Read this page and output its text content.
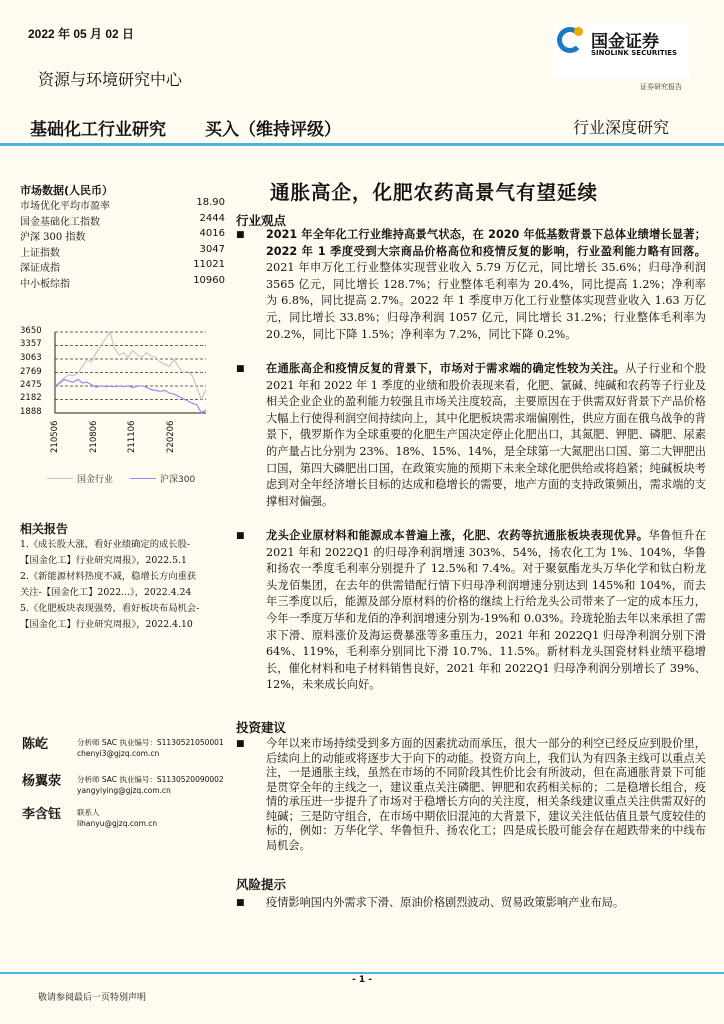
2022 年 05 月 02 日	国金证券
SINOLINK SECURITIES
证券研究报告
资源与环境研究中心
基础化工行业研究 买入（维持评级）	行业深度研究
市场数据(人民币）
市场优化平均市盈率	18.90
国金基础化工指数	2444
沪深 300 指数	4016
上证指数	3047
深证成指	11021
中小板综指	10960
3650
3357
3063
2769
2475
2182
1888
210506	210806	211106	220206
国金行业	沪深300
相关报告
1.《成长股大涨，看好业绩确定的成长股-
【国金化工】行业研究周报》，2022.5.1
2.《新能源材料热度不减，稳增长方向重获
关注-【国金化工】2022...》，2022.4.24
5.《化肥板块表现强势，看好板块布局机会-
【国金化工】行业研究周报》，2022.4.10
陈屹	分析师 SAC 执业编号：S1130521050001
chenyi3@gjzq.com.cn
杨翼荥 分析师 SAC 执业编号：S1130520090002
yangyiying@gjzq.com.cn
李含钰 联系人
lihanyu@gjzq.com.cn
通胀高企，化肥农药高景气有望延续
行业观点
■	2021 年全年化工行业维持高景气状态，在 2020 年低基数背景下总体业绩增长显著；2022 年 1 季度受到大宗商品价格高位和疫情反复的影响，行业盈利能力略有回落。2021 年申万化工行业整体实现营业收入 5.79 万亿元，同比增长 35.6%；归母净利润 3565 亿元，同比增长 128.7%；行业整体毛利率为 20.4%，同比提高 1.2%；净利率为 6.8%，同比提高 2.7%。2022 年 1 季度申万化工行业整体实现营业收入 1.63 万亿元，同比增长 33.8%；归母净利润 1057 亿元，同比增长 31.2%；行业整体毛利率为 20.2%，同比下降 1.5%；净利率为 7.2%，同比下降 0.2%。
■	在通胀高企和疫情反复的背景下，市场对于需求端的确定性较为关注。从子行业和个股 2021 年和 2022 年 1 季度的业绩和股价表现来看，化肥、氯碱、纯碱和农药等子行业及相关企业企业的盈利能力较强且市场关注度较高，主要原因在于供需双好背景下产品价格大幅上行使得利润空间持续向上，其中化肥板块需求端偏刚性，供应方面在俄乌战争的背景下，俄罗斯作为全球重要的化肥生产国决定停止化肥出口，其氮肥、钾肥、磷肥、尿素的产量占比分别为 23%、18%、15%、14%，是全球第一大氮肥出口国、第二大钾肥出口国，第四大磷肥出口国，在政策实施的预期下未来全球化肥供给或将趋紧；纯碱板块考虑到对全年经济增长目标的达成和稳增长的需要，地产方面的支持政策频出，需求端的支撑相对偏强。
■	龙头企业原材料和能源成本普遍上涨，化肥、农药等抗通胀板块表现优异。华鲁恒升在 2021 年和 2022Q1 的归母净利润增速 303%、54%，扬农化工为 1%、104%，华鲁和扬农一季度毛利率分别提升了 12.5%和 7.4%。对于聚氨酯龙头万华化学和钛白粉龙头龙佰集团，在去年的供需错配行情下归母净利润增速分别达到 145%和 104%，而去年三季度以后，能源及部分原材料的价格的继续上行给龙头公司带来了一定的成本压力，今年一季度万华和龙佰的净利润增速分别为-19%和 0.03%。玲珑轮胎去年以来承担了需求下滑、原料涨价及海运费暴涨等多重压力，2021 年和 2022Q1 归母净利润分别下滑 64%、119%，毛利率分别同比下滑 10.7%、11.5%。新材料龙头国瓷材料业绩平稳增长，催化材料和电子材料销售良好，2021 年和 2022Q1 归母净利润分别增长了 39%、12%，未来成长向好。
投资建议
■	今年以来市场持续受到多方面的因素扰动而承压，很大一部分的利空已经反应到股价里，后续向上的动能或将逐步大于向下的动能。投资方向上，我们认为有四条主线可以重点关注，一是通胀主线，虽然在市场的不同阶段其性价比会有所波动，但在高通胀背景下可能是贯穿全年的主线之一，建议重点关注磷肥、钾肥和农药相关标的；二是稳增长组合，疫情的承压进一步提升了市场对于稳增长方向的关注度，相关条线建议重点关注供需双好的纯碱；三是防守组合，在市场中期依旧混沌的大背景下，建议关注低估值且景气度较佳的标的，例如：万华化学、华鲁恒升、扬农化工；四是成长股可能会存在超跌带来的中线布局机会。
风险提示
■	疫情影响国内外需求下滑、原油价格剧烈波动、贸易政策影响产业布局。
- 1 -
敬请参阅最后一页特别声明
